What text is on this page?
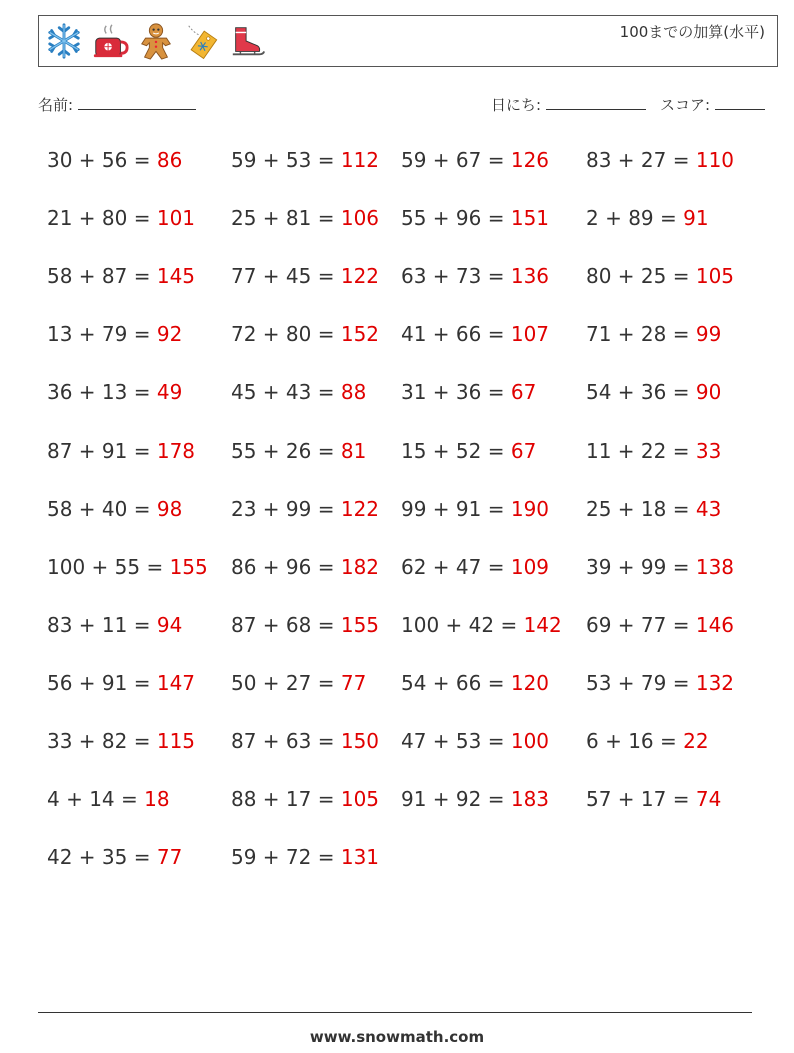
100までの加算(水平)
名前:	日にち:	スコア:
30 + 56 = 86 59 + 53 = 112 59 + 67 = 126 83 + 27 = 110
21 + 80 = 101 25 + 81 = 106 55 + 96 = 151 2 + 89 = 91
58 + 87 = 145 77 + 45 = 122 63 + 73 = 136 80 + 25 = 105
13 + 79 = 92 72 + 80 = 152 41 + 66 = 107 71 + 28 = 99
36 + 13 = 49 45 + 43 = 88 31 + 36 = 67 54 + 36 = 90
87 + 91 = 178 55 + 26 = 81 15 + 52 = 67 11 + 22 = 33
58 + 40 = 98 23 + 99 = 122 99 + 91 = 190 25 + 18 = 43
100 + 55 = 155 86 + 96 = 182 62 + 47 = 109 39 + 99 = 138
83 + 11 = 94 87 + 68 = 155 100 + 42 = 142 69 + 77 = 146
56 + 91 = 147 50 + 27 = 77 54 + 66 = 120 53 + 79 = 132
33 + 82 = 115 87 + 63 = 150 47 + 53 = 100 6 + 16 = 22
4 + 14 = 18	88 + 17 = 105 91 + 92 = 183 57 + 17 = 74
42 + 35 = 77 59 + 72 = 131
www.snowmath.com
